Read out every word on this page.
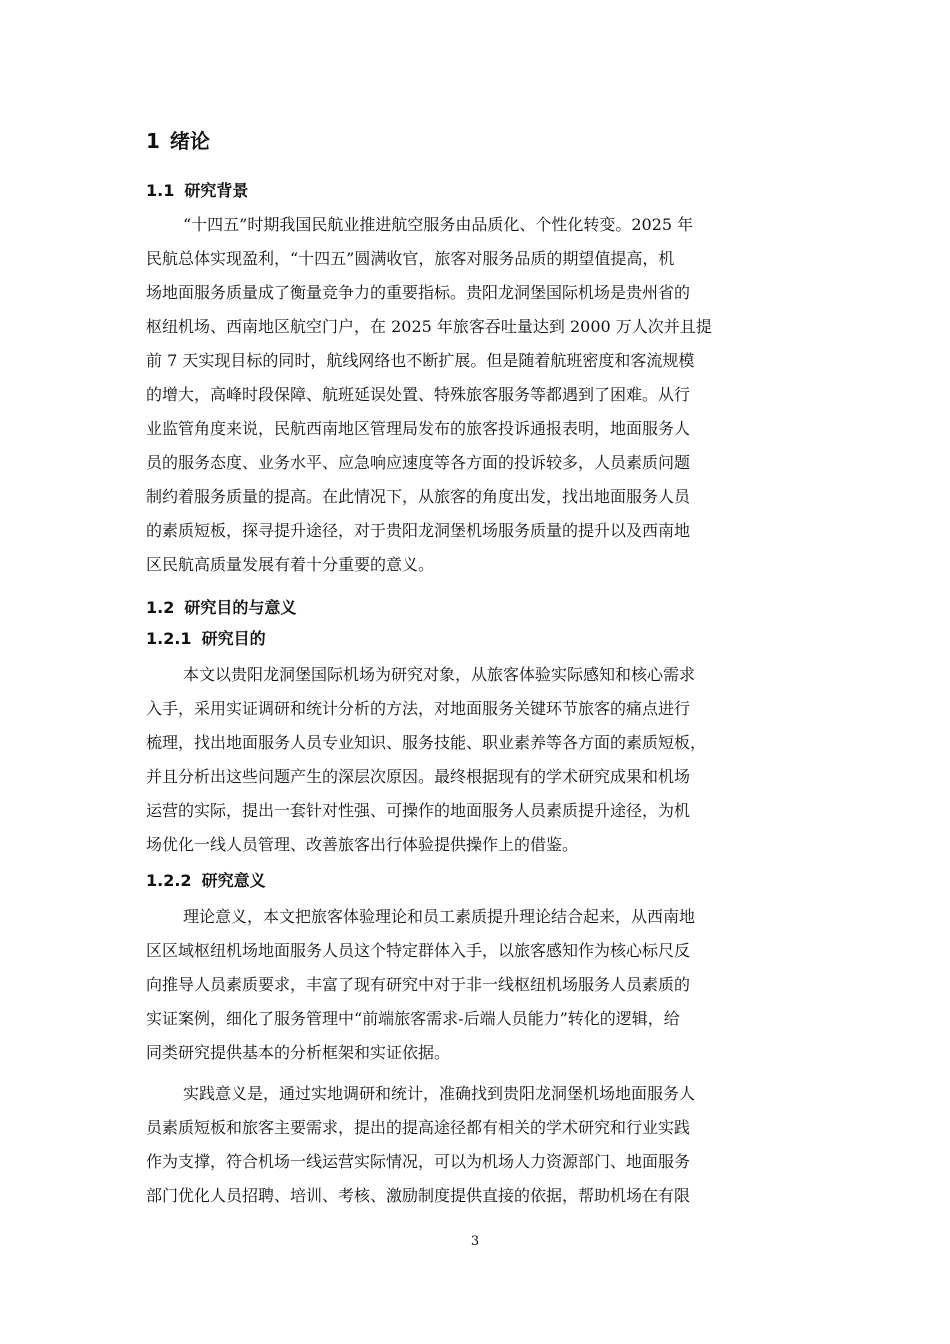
1 绪论
1.1 研究背景
“十四五”时期我国民航业推进航空服务由品质化、个性化转变。2025 年
民航总体实现盈利，“十四五”圆满收官，旅客对服务品质的期望值提高，机
场地面服务质量成了衡量竞争力的重要指标。贵阳龙洞堡国际机场是贵州省的
枢纽机场、西南地区航空门户，在 2025 年旅客吞吐量达到 2000 万人次并且提
前 7 天实现目标的同时，航线网络也不断扩展。但是随着航班密度和客流规模
的增大，高峰时段保障、航班延误处置、特殊旅客服务等都遇到了困难。从行
业监管角度来说，民航西南地区管理局发布的旅客投诉通报表明，地面服务人
员的服务态度、业务水平、应急响应速度等各方面的投诉较多，人员素质问题
制约着服务质量的提高。在此情况下，从旅客的角度出发，找出地面服务人员
的素质短板，探寻提升途径，对于贵阳龙洞堡机场服务质量的提升以及西南地
区民航高质量发展有着十分重要的意义。
1.2 研究目的与意义
1.2.1 研究目的
本文以贵阳龙洞堡国际机场为研究对象，从旅客体验实际感知和核心需求
入手，采用实证调研和统计分析的方法，对地面服务关键环节旅客的痛点进行
梳理，找出地面服务人员专业知识、服务技能、职业素养等各方面的素质短板，
并且分析出这些问题产生的深层次原因。最终根据现有的学术研究成果和机场
运营的实际，提出一套针对性强、可操作的地面服务人员素质提升途径，为机
场优化一线人员管理、改善旅客出行体验提供操作上的借鉴。
1.2.2 研究意义
理论意义，本文把旅客体验理论和员工素质提升理论结合起来，从西南地
区区域枢纽机场地面服务人员这个特定群体入手，以旅客感知作为核心标尺反
向推导人员素质要求，丰富了现有研究中对于非一线枢纽机场服务人员素质的
实证案例，细化了服务管理中“前端旅客需求-后端人员能力”转化的逻辑，给
同类研究提供基本的分析框架和实证依据。
实践意义是，通过实地调研和统计，准确找到贵阳龙洞堡机场地面服务人
员素质短板和旅客主要需求，提出的提高途径都有相关的学术研究和行业实践
作为支撑，符合机场一线运营实际情况，可以为机场人力资源部门、地面服务
部门优化人员招聘、培训、考核、激励制度提供直接的依据，帮助机场在有限
3
